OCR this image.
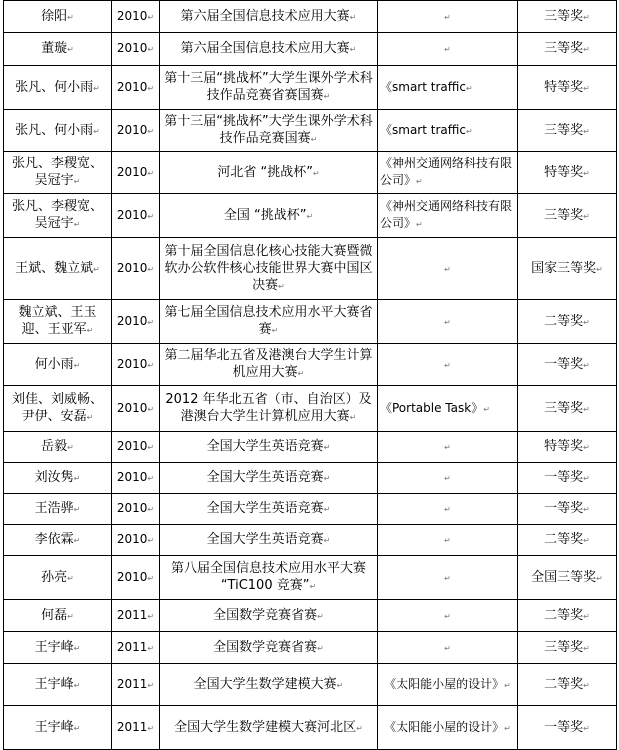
徐阳↵	2010↵	第六届全国信息技术应用大赛↵	↵	三等奖↵
董璇↵	2010↵	第六届全国信息技术应用大赛↵	↵	三等奖↵
张凡、何小雨↵	2010↵	第十三届“挑战杯”大学生课外学术科技作品竞赛省赛国赛↵	《smart traffic↵	特等奖↵
张凡、何小雨↵	2010↵	第十三届“挑战杯”大学生课外学术科技作品竞赛国赛↵	《smart traffic↵	三等奖↵
张凡、李稷宽、吴冠宇↵	2010↵	河北省 “挑战杯”↵	《神州交通网络科技有限公司》↵	特等奖↵
张凡、李稷宽、吴冠宇↵	2010↵	全国 “挑战杯”↵	《神州交通网络科技有限公司》↵	三等奖↵
王斌、魏立斌↵	2010↵	第十届全国信息化核心技能大赛暨微软办公软件核心技能世界大赛中国区决赛↵	↵	国家三等奖↵
魏立斌、王玉迎、王亚军↵	2010↵	第七届全国信息技术应用水平大赛省赛↵	↵	二等奖↵
何小雨↵	2010↵	第二届华北五省及港澳台大学生计算机应用大赛↵	↵	一等奖↵
刘佳、刘威畅、尹伊、安磊↵	2010↵	2012 年华北五省（市、自治区）及港澳台大学生计算机应用大赛↵	《Portable Task》↵	三等奖↵
岳毅↵	2010↵	全国大学生英语竞赛↵	↵	特等奖↵
刘汝隽↵	2010↵	全国大学生英语竞赛↵	↵	一等奖↵
王浩骅↵	2010↵	全国大学生英语竞赛↵	↵	一等奖↵
李依霖↵	2010↵	全国大学生英语竞赛↵	↵	二等奖↵
孙亮↵	2010↵	第八届全国信息技术应用水平大赛 “TiC100 竞赛”↵	↵	全国三等奖↵
何磊↵	2011↵	全国数学竞赛省赛↵	↵	二等奖↵
王宇峰↵	2011↵	全国数学竞赛省赛↵	↵	三等奖↵
王宇峰↵	2011↵	全国大学生数学建模大赛↵	《太阳能小屋的设计》↵	二等奖↵
王宇峰↵	2011↵	全国大学生数学建模大赛河北区↵	《太阳能小屋的设计》↵	一等奖↵
